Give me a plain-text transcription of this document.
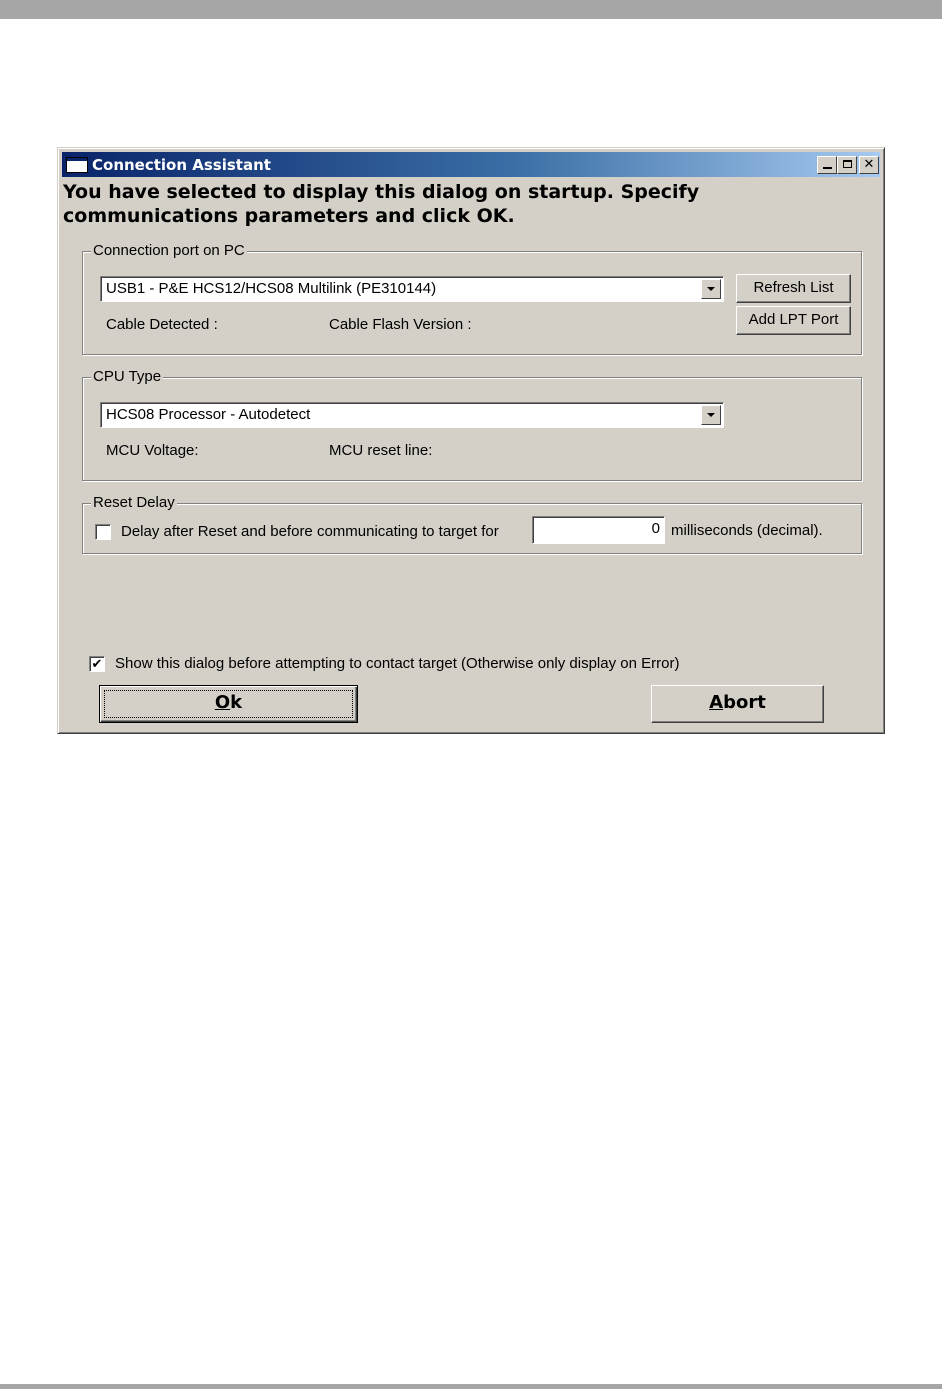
Connection Assistant	✕
You have selected to display this dialog on startup. Specify communications parameters and click OK.
Connection port on PC
USB1 - P&E HCS12/HCS08 Multilink (PE310144)
Cable Detected :	Cable Flash Version :
Refresh List
Add LPT Port
CPU Type
HCS08 Processor - Autodetect
MCU Voltage:	MCU reset line:
Reset Delay
Delay after Reset and before communicating to target for	0 milliseconds (decimal).
✔ Show this dialog before attempting to contact target (Otherwise only display on Error)
Ok	Abort
